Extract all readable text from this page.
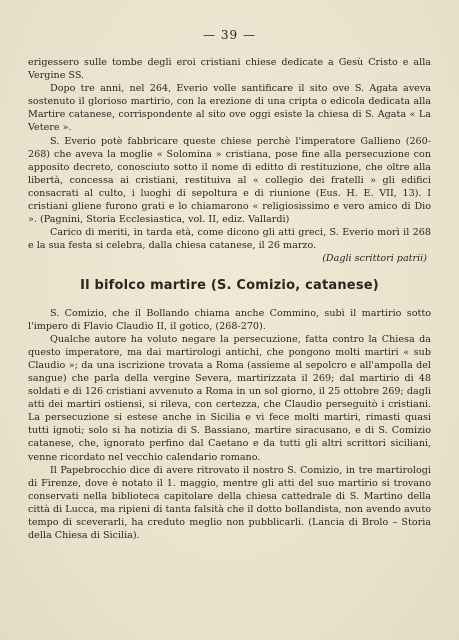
— 39 —

erigessero sulle tombe degli eroi cristiani chiese dedicate a Gesù Cristo e alla Vergine SS.

Dopo tre anni, nel 264, Everio volle santificare il sito ove S. Agata aveva sostenuto il glorioso martirio, con la erezione di una cripta o edicola dedicata alla Martire catanese, corrispondente al sito ove oggi esiste la chiesa di S. Agata « La Vetere ».

S. Everio potè fabbricare queste chiese perchè l'imperatore Gallieno (260-268) che aveva la moglie « Solomina » cristiana, pose fine alla persecuzione con apposito decreto, conosciuto sotto il nome di editto di restituzione, che oltre alla libertà, concessa ai cristiani, restituiva al « collegio dei fratelli » gli edifici consacrati al culto, i luoghi di sepoltura e di riunione (Eus. H. E. VII, 13). I cristiani gliene furono grati e lo chiamarono « religiosissimo e vero amico di Dio ». (Pagnini, Storia Ecclesiastica, vol. II, ediz. Vallardi)

Carico di meriti, in tarda età, come dicono gli atti greci, S. Everio morì il 268 e la sua festa si celebra, dalla chiesa catanese, il 26 marzo.

(Dagli scrittori patrii)

Il bifolco martire (S. Comizio, catanese)

S. Comizio, che il Bollando chiama anche Commino, subì il martirio sotto l'impero di Flavio Claudio II, il gotico, (268-270).

Qualche autore ha voluto negare la persecuzione, fatta contro la Chiesa da questo imperatore, ma dai martirologi antichi, che pongono molti martiri « sub Claudio »; da una iscrizione trovata a Roma (assieme al sepolcro e all'ampolla del sangue) che parla della vergine Severa, martirizzata il 269; dal martirio di 48 soldati e di 126 cristiani avvenuto a Roma in un sol giorno, il 25 ottobre 269; dagli atti dei martiri ostiensi, si rileva, con certezza, che Claudio perseguitò i cristiani. La persecuzione si estese anche in Sicilia e vi fece molti martiri, rimasti quasi tutti ignoti; solo si ha notizia di S. Bassiano, martire siracusano, e di S. Comizio catanese, che, ignorato perfino dal Caetano e da tutti gli altri scrittori siciliani, venne ricordato nel vecchio calendario romano.

Il Papebrocchio dice di avere ritrovato il nostro S. Comizio, in tre martirologi di Firenze, dove è notato il 1. maggio, mentre gli atti del suo martirio si trovano conservati nella biblioteca capitolare della chiesa cattedrale di S. Martino della città di Lucca, ma ripieni di tanta falsità che il dotto bollandista, non avendo avuto tempo di sceverarli, ha creduto meglio non pubblicarli. (Lancia di Brolo – Storia della Chiesa di Sicilia).
